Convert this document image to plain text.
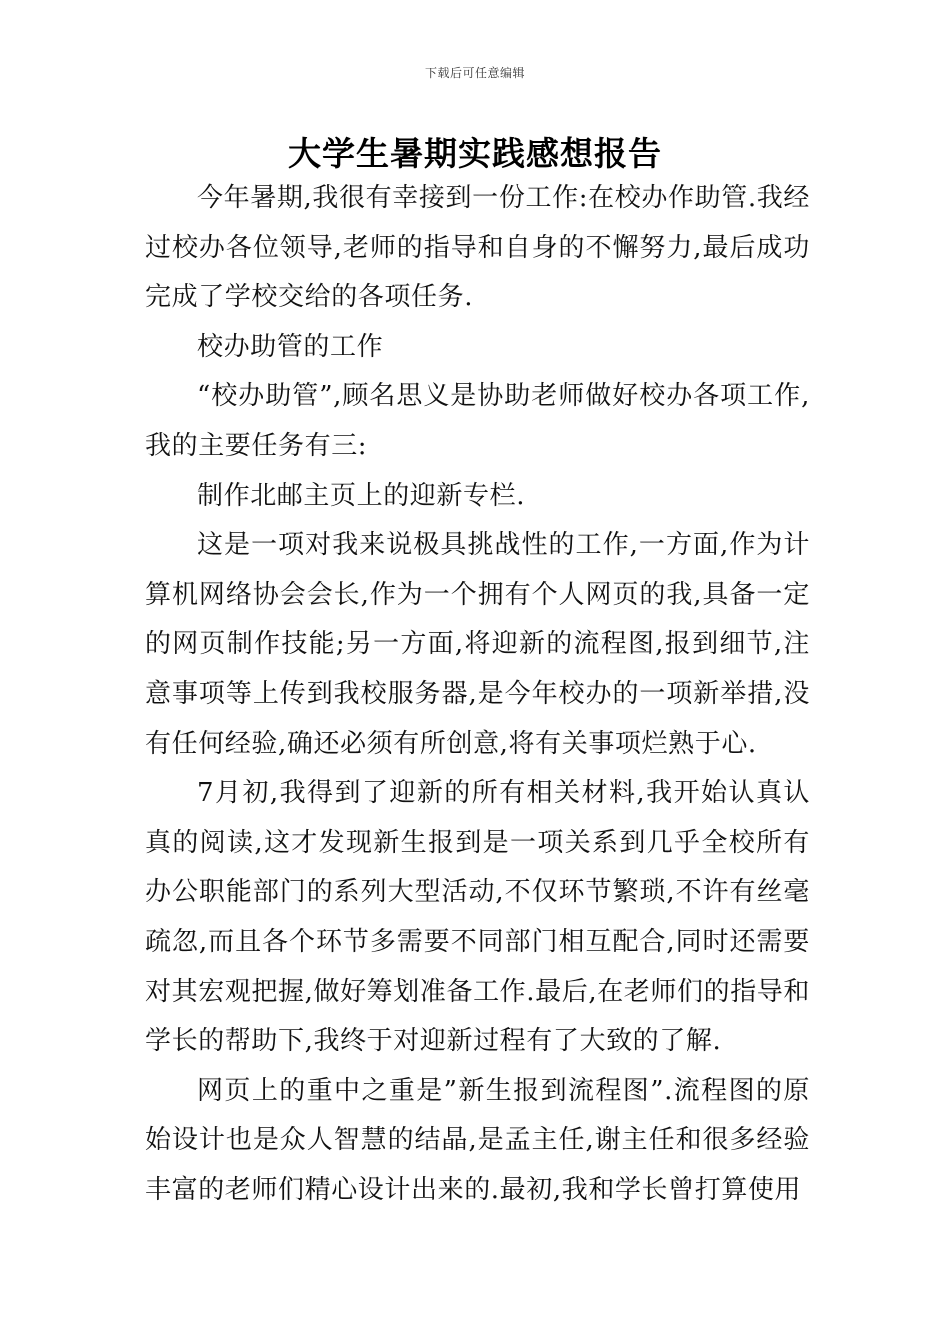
下载后可任意编辑
大学生暑期实践感想报告

今年暑期,我很有幸接到一份工作:在校办作助管.我经过校办各位领导,老师的指导和自身的不懈努力,最后成功完成了学校交给的各项任务.

校办助管的工作

“校办助管”,顾名思义是协助老师做好校办各项工作,我的主要任务有三:

制作北邮主页上的迎新专栏.

这是一项对我来说极具挑战性的工作,一方面,作为计算机网络协会会长,作为一个拥有个人网页的我,具备一定的网页制作技能;另一方面,将迎新的流程图,报到细节,注意事项等上传到我校服务器,是今年校办的一项新举措,没有任何经验,确还必须有所创意,将有关事项烂熟于心.

7月初,我得到了迎新的所有相关材料,我开始认真认真的阅读,这才发现新生报到是一项关系到几乎全校所有办公职能部门的系列大型活动,不仅环节繁琐,不许有丝毫疏忽,而且各个环节多需要不同部门相互配合,同时还需要对其宏观把握,做好筹划准备工作.最后,在老师们的指导和学长的帮助下,我终于对迎新过程有了大致的了解.

网页上的重中之重是”新生报到流程图”.流程图的原始设计也是众人智慧的结晶,是孟主任,谢主任和很多经验丰富的老师们精心设计出来的.最初,我和学长曾打算使用
